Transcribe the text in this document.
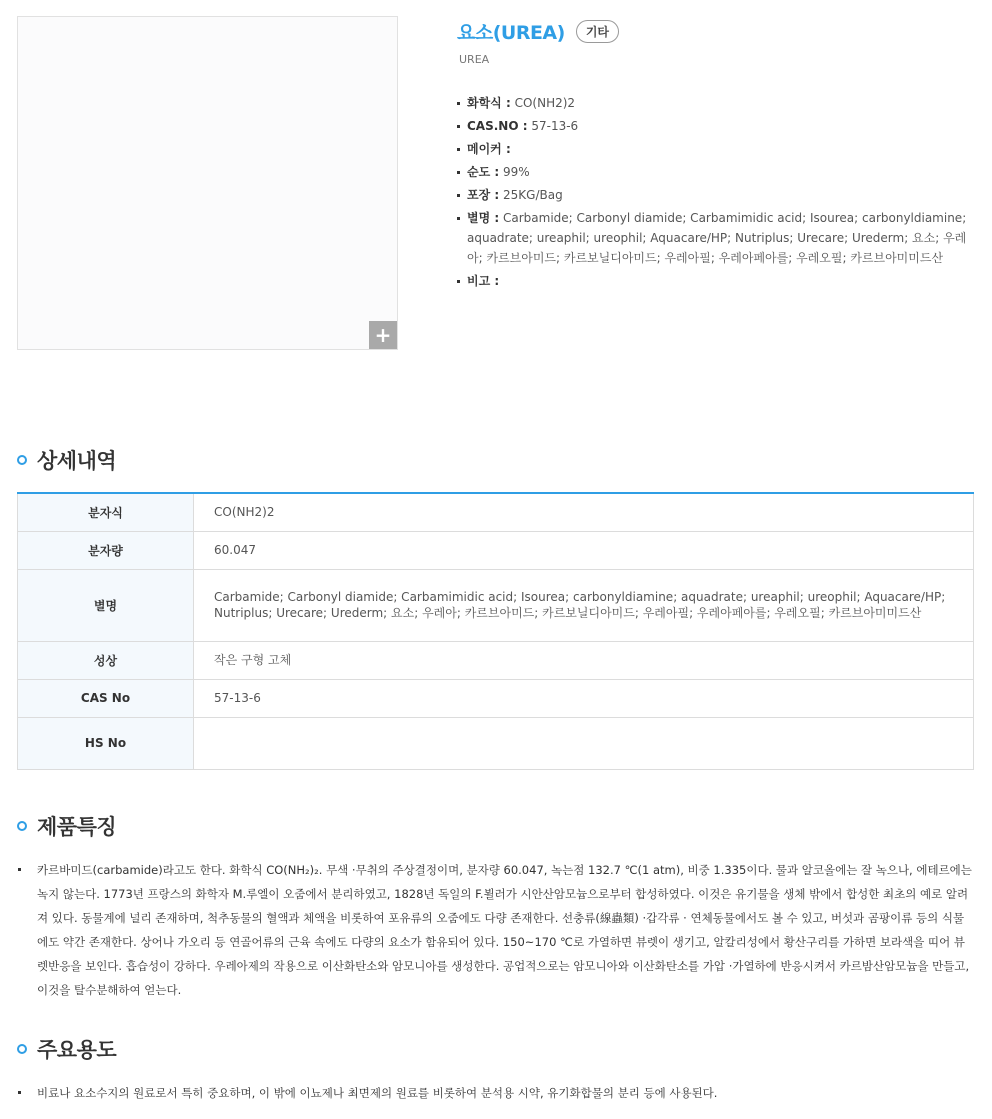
+
요소(UREA)	기타
UREA
화학식 : CO(NH2)2
CAS.NO : 57-13-6
메이커 :
순도 : 99%
포장 : 25KG/Bag
별명 : Carbamide; Carbonyl diamide; Carbamimidic acid; Isourea; carbonyldiamine; aquadrate; ureaphil; ureophil; Aquacare/HP; Nutriplus; Urecare; Urederm; 요소; 우레아; 카르브아미드; 카르보닐디아미드; 우레아필; 우레아페아를; 우레오필; 카르브아미미드산
비고 :
상세내역
분자식	CO(NH2)2
분자량	60.047
별명	Carbamide; Carbonyl diamide; Carbamimidic acid; Isourea; carbonyldiamine; aquadrate; ureaphil; ureophil; Aquacare/HP; Nutriplus; Urecare; Urederm; 요소; 우레아; 카르브아미드; 카르보닐디아미드; 우레아필; 우레아페아를; 우레오필; 카르브아미미드산
성상	작은 구형 고체
CAS No	57-13-6
HS No	
제품특징
카르바미드(carbamide)라고도 한다. 화학식 CO(NH₂)₂. 무색 ·무취의 주상결정이며, 분자량 60.047, 녹는점 132.7 ℃(1 atm), 비중 1.335이다. 물과 알코올에는 잘 녹으나, 에테르에는 녹지 않는다. 1773년 프랑스의 화학자 M.루엘이 오줌에서 분리하였고, 1828년 독일의 F.뵐러가 시안산암모늄으로부터 합성하였다. 이것은 유기물을 생체 밖에서 합성한 최초의 예로 알려져 있다. 동물계에 널리 존재하며, 척추동물의 혈액과 체액을 비롯하여 포유류의 오줌에도 다량 존재한다. 선충류(線蟲類) ·갑각류 · 연체동물에서도 볼 수 있고, 버섯과 곰팡이류 등의 식물에도 약간 존재한다. 상어나 가오리 등 연골어류의 근육 속에도 다량의 요소가 함유되어 있다. 150~170 ℃로 가열하면 뷰렛이 생기고, 알칼리성에서 황산구리를 가하면 보라색을 띠어 뷰렛반응을 보인다. 흡습성이 강하다. 우레아제의 작용으로 이산화탄소와 암모니아를 생성한다. 공업적으로는 암모니아와 이산화탄소를 가압 ·가열하에 반응시켜서 카르밤산암모늄을 만들고, 이것을 탈수분해하여 얻는다.
주요용도
비료나 요소수지의 원료로서 특히 중요하며, 이 밖에 이뇨제나 최면제의 원료를 비롯하여 분석용 시약, 유기화합물의 분리 등에 사용된다.
